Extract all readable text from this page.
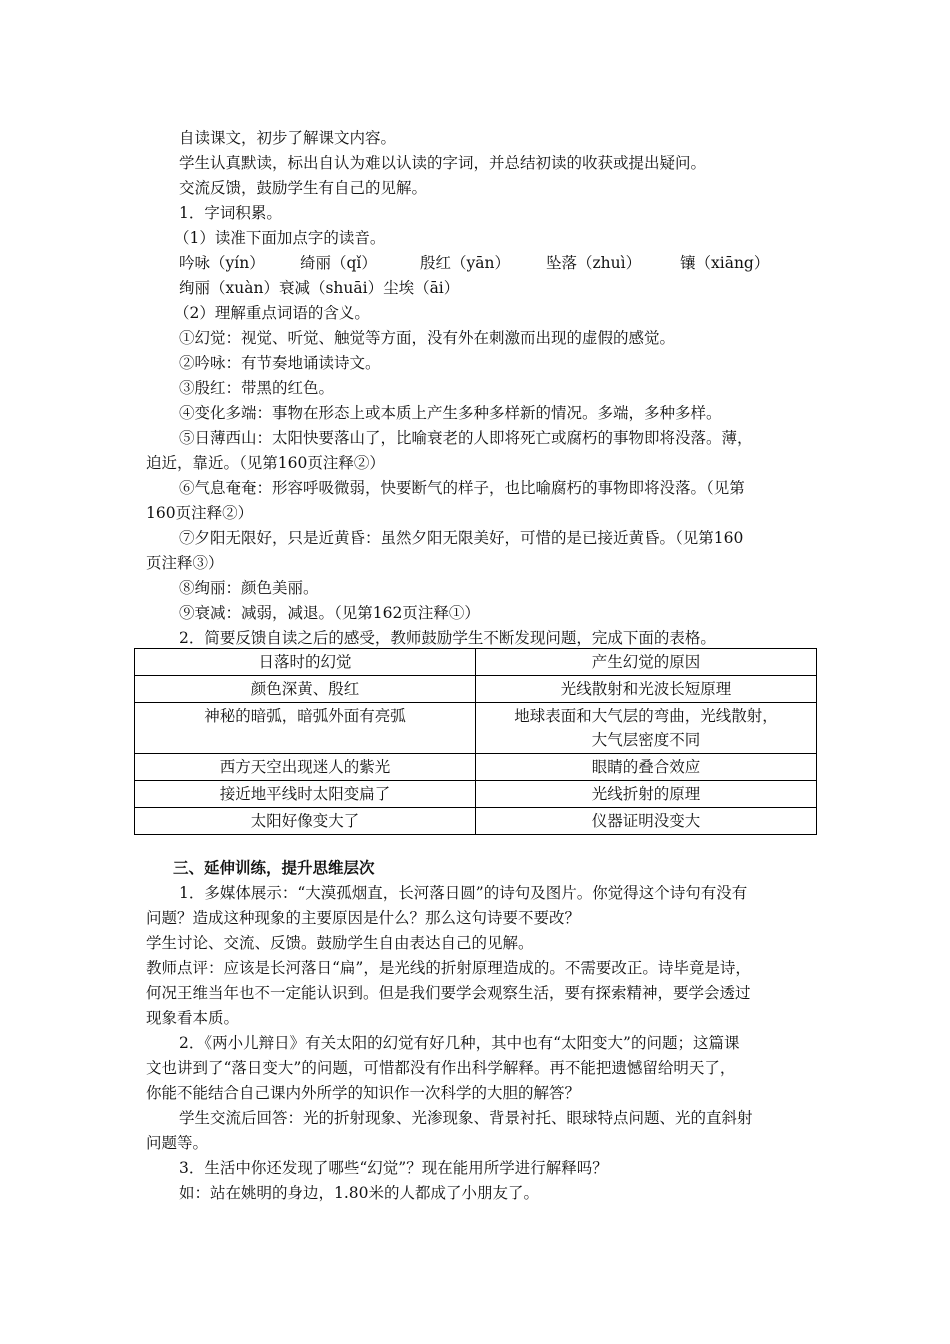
自读课文，初步了解课文内容。
学生认真默读，标出自认为难以认读的字词，并总结初读的收获或提出疑问。
交流反馈，鼓励学生有自己的见解。
1．字词积累。
（1）读准下面加点字的读音。
吟咏（yín） 绮丽（qǐ）	殷红（yān） 坠落（zhuì）	镶（xiāng）
绚丽（xuàn）衰减（shuāi）尘埃（āi）
（2）理解重点词语的含义。
①幻觉：视觉、听觉、触觉等方面，没有外在刺激而出现的虚假的感觉。
②吟咏：有节奏地诵读诗文。
③殷红：带黑的红色。
④变化多端：事物在形态上或本质上产生多种多样新的情况。多端，多种多样。
⑤日薄西山：太阳快要落山了，比喻衰老的人即将死亡或腐朽的事物即将没落。薄，
迫近，靠近。（见第160页注释②）
⑥气息奄奄：形容呼吸微弱，快要断气的样子，也比喻腐朽的事物即将没落。（见第
160页注释②）
⑦夕阳无限好，只是近黄昏：虽然夕阳无限美好，可惜的是已接近黄昏。（见第160
页注释③）
⑧绚丽：颜色美丽。
⑨衰减：减弱，减退。（见第162页注释①）
2．简要反馈自读之后的感受，教师鼓励学生不断发现问题，完成下面的表格。
日落时的幻觉	产生幻觉的原因
颜色深黄、殷红	光线散射和光波长短原理
神秘的暗弧，暗弧外面有亮弧	地球表面和大气层的弯曲，光线散射，
大气层密度不同

西方天空出现迷人的紫光	眼睛的叠合效应
接近地平线时太阳变扁了	光线折射的原理
太阳好像变大了	仪器证明没变大
三、延伸训练，提升思维层次
1．多媒体展示：“大漠孤烟直，长河落日圆”的诗句及图片。你觉得这个诗句有没有
问题？造成这种现象的主要原因是什么？那么这句诗要不要改？
学生讨论、交流、反馈。鼓励学生自由表达自己的见解。
教师点评：应该是长河落日“扁”，是光线的折射原理造成的。不需要改正。诗毕竟是诗，
何况王维当年也不一定能认识到。但是我们要学会观察生活，要有探索精神，要学会透过
现象看本质。
2．《两小儿辩日》有关太阳的幻觉有好几种，其中也有“太阳变大”的问题；这篇课
文也讲到了“落日变大”的问题，可惜都没有作出科学解释。再不能把遗憾留给明天了，
你能不能结合自己课内外所学的知识作一次科学的大胆的解答？
学生交流后回答：光的折射现象、光渗现象、背景衬托、眼球特点问题、光的直斜射
问题等。
3．生活中你还发现了哪些“幻觉”？现在能用所学进行解释吗？
如：站在姚明的身边，1.80米的人都成了小朋友了。
